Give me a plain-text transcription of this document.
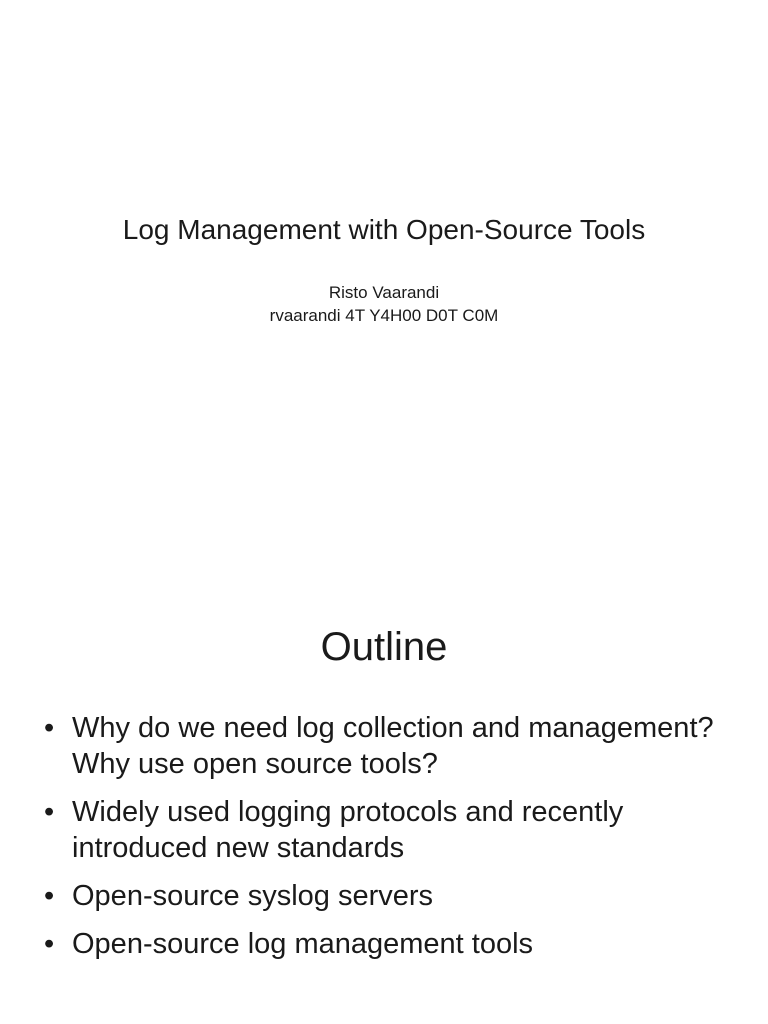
Log Management with Open-Source Tools
Risto Vaarandi
rvaarandi 4T Y4H00 D0T C0M
Outline
• Why do we need log collection and management? Why use open source tools?
• Widely used logging protocols and recently introduced new standards
• Open-source syslog servers
• Open-source log management tools
